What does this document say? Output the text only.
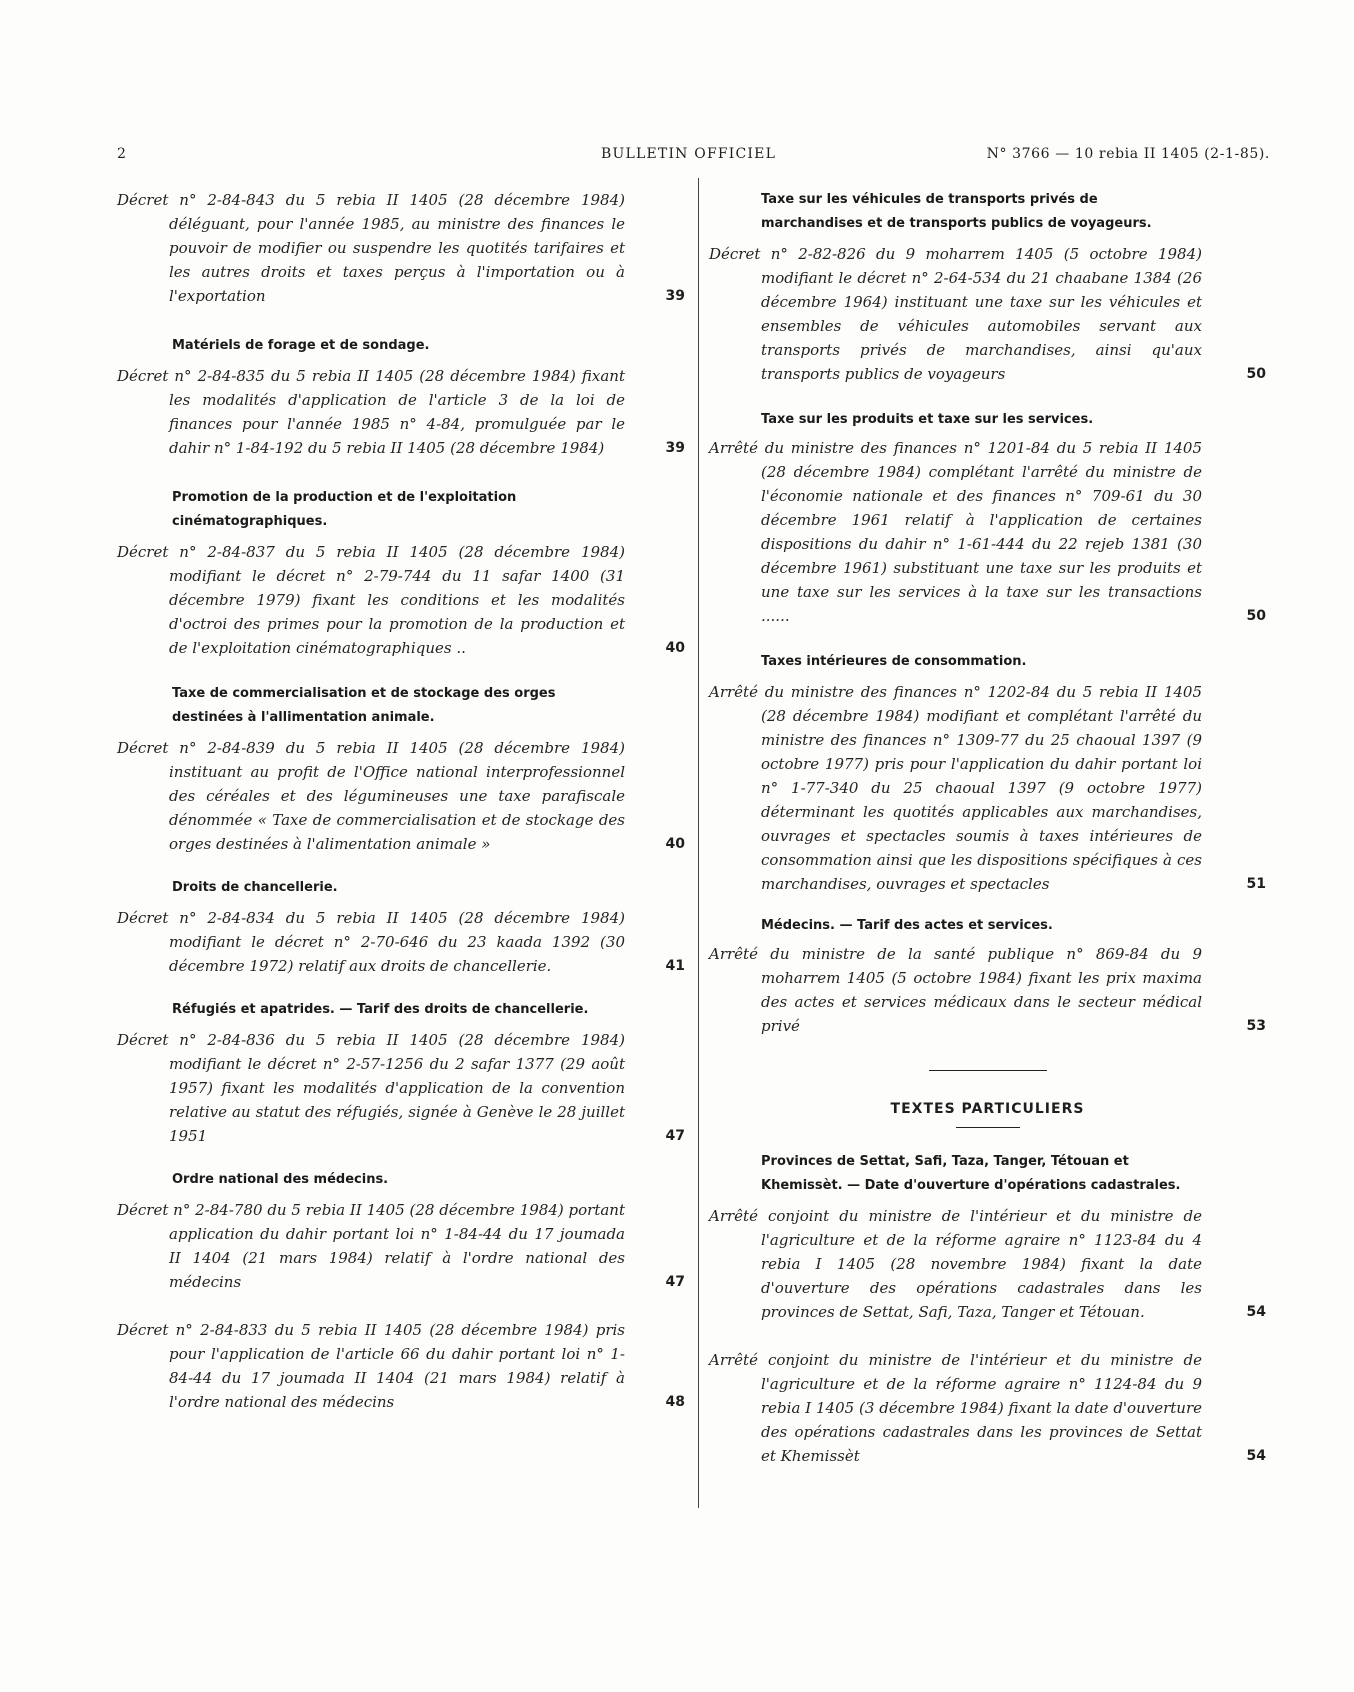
2	BULLETIN OFFICIEL	N° 3766 — 10 rebia II 1405 (2-1-85).

Décret n° 2-84-843 du 5 rebia II 1405 (28 décembre 1984) déléguant, pour l'année 1985, au ministre des finances le pouvoir de modifier ou suspendre les quotités tarifaires et les autres droits et taxes perçus à l'importation ou à l'exportation	39

Matériels de forage et de sondage.

Décret n° 2-84-835 du 5 rebia II 1405 (28 décembre 1984) fixant les modalités d'application de l'article 3 de la loi de finances pour l'année 1985 n° 4-84, promulguée par le dahir n° 1-84-192 du 5 rebia II 1405 (28 décembre 1984)	39

Promotion de la production et de l'exploitation cinématographiques.

Décret n° 2-84-837 du 5 rebia II 1405 (28 décembre 1984) modifiant le décret n° 2-79-744 du 11 safar 1400 (31 décembre 1979) fixant les conditions et les modalités d'octroi des primes pour la promotion de la production et de l'exploitation cinématographiques ..	40

Taxe de commercialisation et de stockage des orges destinées à l'allimentation animale.

Décret n° 2-84-839 du 5 rebia II 1405 (28 décembre 1984) instituant au profit de l'Office national interprofessionnel des céréales et des légumineuses une taxe parafiscale dénommée « Taxe de commercialisation et de stockage des orges destinées à l'alimentation animale »	40

Droits de chancellerie.

Décret n° 2-84-834 du 5 rebia II 1405 (28 décembre 1984) modifiant le décret n° 2-70-646 du 23 kaada 1392 (30 décembre 1972) relatif aux droits de chancellerie.	41

Réfugiés et apatrides. — Tarif des droits de chancellerie.

Décret n° 2-84-836 du 5 rebia II 1405 (28 décembre 1984) modifiant le décret n° 2-57-1256 du 2 safar 1377 (29 août 1957) fixant les modalités d'application de la convention relative au statut des réfugiés, signée à Genève le 28 juillet 1951	47

Ordre national des médecins.

Décret n° 2-84-780 du 5 rebia II 1405 (28 décembre 1984) portant application du dahir portant loi n° 1-84-44 du 17 joumada II 1404 (21 mars 1984) relatif à l'ordre national des médecins	47

Décret n° 2-84-833 du 5 rebia II 1405 (28 décembre 1984) pris pour l'application de l'article 66 du dahir portant loi n° 1-84-44 du 17 joumada II 1404 (21 mars 1984) relatif à l'ordre national des médecins	48

Taxe sur les véhicules de transports privés de marchandises et de transports publics de voyageurs.

Décret n° 2-82-826 du 9 moharrem 1405 (5 octobre 1984) modifiant le décret n° 2-64-534 du 21 chaabane 1384 (26 décembre 1964) instituant une taxe sur les véhicules et ensembles de véhicules automobiles servant aux transports privés de marchandises, ainsi qu'aux transports publics de voyageurs	50

Taxe sur les produits et taxe sur les services.

Arrêté du ministre des finances n° 1201-84 du 5 rebia II 1405 (28 décembre 1984) complétant l'arrêté du ministre de l'économie nationale et des finances n° 709-61 du 30 décembre 1961 relatif à l'application de certaines dispositions du dahir n° 1-61-444 du 22 rejeb 1381 (30 décembre 1961) substituant une taxe sur les produits et une taxe sur les services à la taxe sur les transactions ......	50

Taxes intérieures de consommation.

Arrêté du ministre des finances n° 1202-84 du 5 rebia II 1405 (28 décembre 1984) modifiant et complétant l'arrêté du ministre des finances n° 1309-77 du 25 chaoual 1397 (9 octobre 1977) pris pour l'application du dahir portant loi n° 1-77-340 du 25 chaoual 1397 (9 octobre 1977) déterminant les quotités applicables aux marchandises, ouvrages et spectacles soumis à taxes intérieures de consommation ainsi que les dispositions spécifiques à ces marchandises, ouvrages et spectacles	51

Médecins. — Tarif des actes et services.

Arrêté du ministre de la santé publique n° 869-84 du 9 moharrem 1405 (5 octobre 1984) fixant les prix maxima des actes et services médicaux dans le secteur médical privé	53
TEXTES PARTICULIERS

Provinces de Settat, Safi, Taza, Tanger, Tétouan et Khemissèt. — Date d'ouverture d'opérations cadastrales.

Arrêté conjoint du ministre de l'intérieur et du ministre de l'agriculture et de la réforme agraire n° 1123-84 du 4 rebia I 1405 (28 novembre 1984) fixant la date d'ouverture des opérations cadastrales dans les provinces de Settat, Safi, Taza, Tanger et Tétouan.	54

Arrêté conjoint du ministre de l'intérieur et du ministre de l'agriculture et de la réforme agraire n° 1124-84 du 9 rebia I 1405 (3 décembre 1984) fixant la date d'ouverture des opérations cadastrales dans les provinces de Settat et Khemissèt	54
